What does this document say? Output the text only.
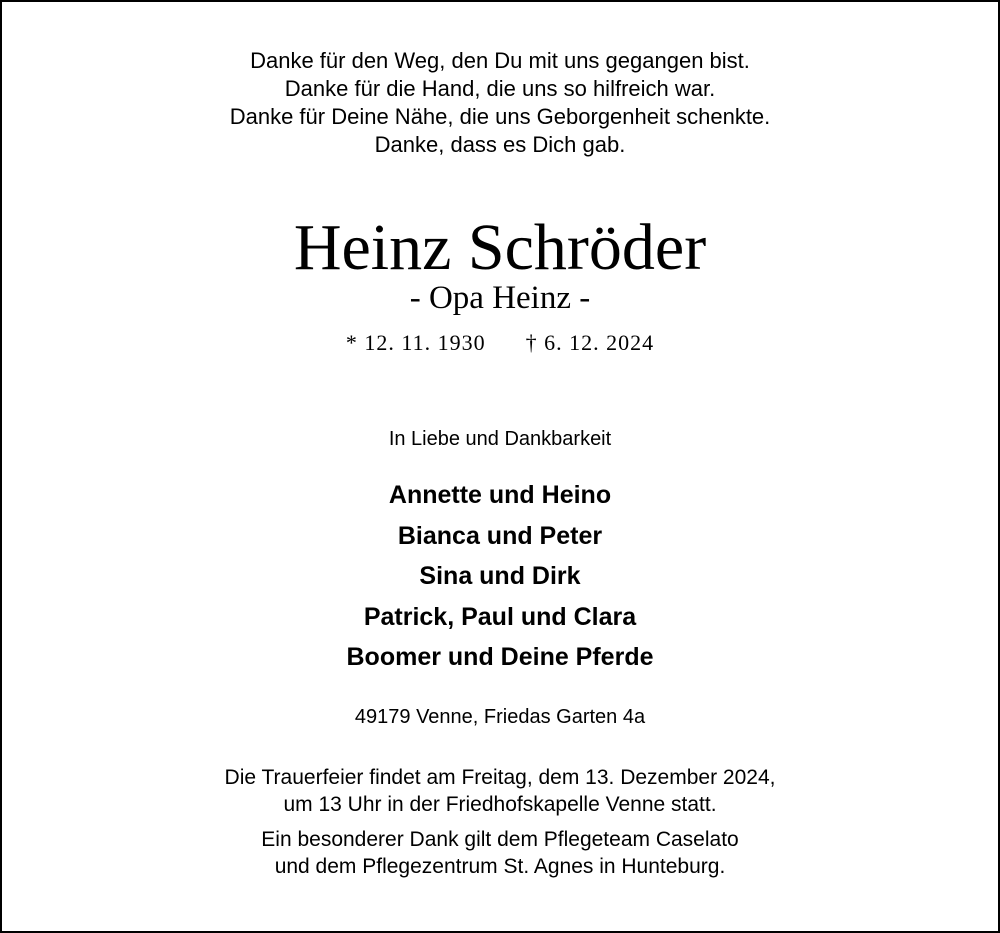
Danke für den Weg, den Du mit uns gegangen bist.
Danke für die Hand, die uns so hilfreich war.
Danke für Deine Nähe, die uns Geborgenheit schenkte.
Danke, dass es Dich gab.
Heinz Schröder
- Opa Heinz -
* 12. 11. 1930 † 6. 12. 2024
In Liebe und Dankbarkeit
Annette und Heino
Bianca und Peter
Sina und Dirk
Patrick, Paul und Clara
Boomer und Deine Pferde
49179 Venne, Friedas Garten 4a
Die Trauerfeier findet am Freitag, dem 13. Dezember 2024,
um 13 Uhr in der Friedhofskapelle Venne statt.
Ein besonderer Dank gilt dem Pflegeteam Caselato
und dem Pflegezentrum St. Agnes in Hunteburg.
